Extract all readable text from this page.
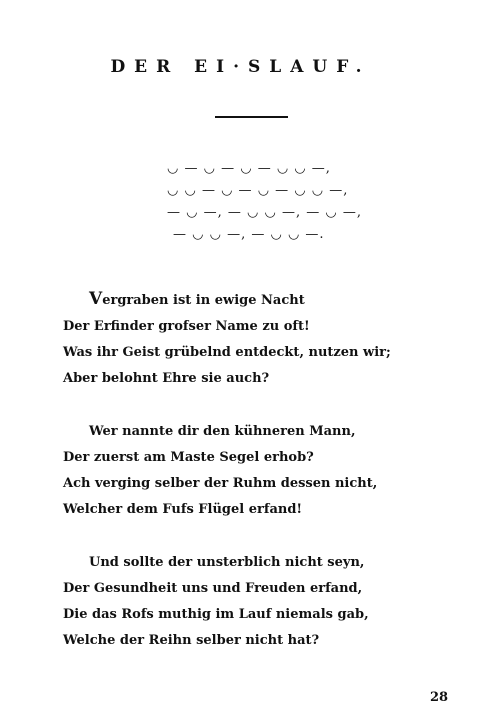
DER EI·SLAUF.
◡ — ◡ — ◡ — ◡ ◡ —,
◡ ◡ — ◡ — ◡ — ◡ ◡ —,
— ◡ —, — ◡ ◡ —, — ◡ —,
— ◡ ◡ —, — ◡ ◡ —.
Vergraben ist in ewige Nacht
Der Erfinder grofser Name zu oft!
Was ihr Geist grübelnd entdeckt, nutzen wir;
Aber belohnt Ehre sie auch?
Wer nannte dir den kühneren Mann,
Der zuerst am Maste Segel erhob?
Ach verging selber der Ruhm dessen nicht,
Welcher dem Fufs Flügel erfand!
Und sollte der unsterblich nicht seyn,
Der Gesundheit uns und Freuden erfand,
Die das Rofs muthig im Lauf niemals gab,
Welche der Reihn selber nicht hat?
28
